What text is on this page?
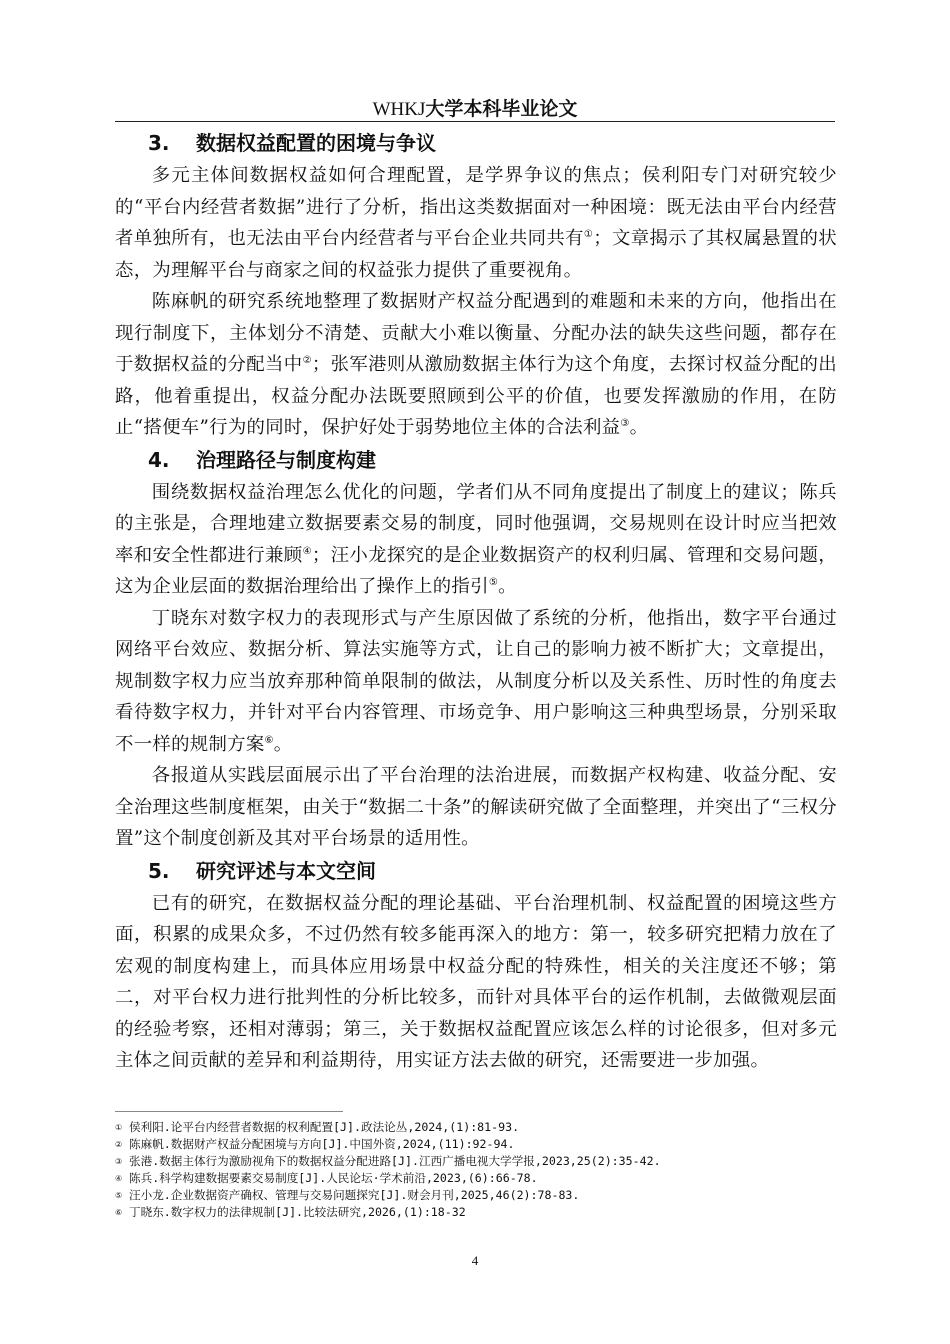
WHKJ大学本科毕业论文
3. 数据权益配置的困境与争议

多元主体间数据权益如何合理配置，是学界争议的焦点；侯利阳专门对研究较少的“平台内经营者数据”进行了分析，指出这类数据面对一种困境：既无法由平台内经营者单独所有，也无法由平台内经营者与平台企业共同共有①；文章揭示了其权属悬置的状态，为理解平台与商家之间的权益张力提供了重要视角。

陈麻帆的研究系统地整理了数据财产权益分配遇到的难题和未来的方向，他指出在现行制度下，主体划分不清楚、贡献大小难以衡量、分配办法的缺失这些问题，都存在于数据权益的分配当中②；张军港则从激励数据主体行为这个角度，去探讨权益分配的出路，他着重提出，权益分配办法既要照顾到公平的价值，也要发挥激励的作用，在防止“搭便车”行为的同时，保护好处于弱势地位主体的合法利益③。

4. 治理路径与制度构建

围绕数据权益治理怎么优化的问题，学者们从不同角度提出了制度上的建议；陈兵的主张是，合理地建立数据要素交易的制度，同时他强调，交易规则在设计时应当把效率和安全性都进行兼顾④；汪小龙探究的是企业数据资产的权利归属、管理和交易问题，这为企业层面的数据治理给出了操作上的指引⑤。

丁晓东对数字权力的表现形式与产生原因做了系统的分析，他指出，数字平台通过网络平台效应、数据分析、算法实施等方式，让自己的影响力被不断扩大；文章提出，规制数字权力应当放弃那种简单限制的做法，从制度分析以及关系性、历时性的角度去看待数字权力，并针对平台内容管理、市场竞争、用户影响这三种典型场景，分别采取不一样的规制方案⑥。

各报道从实践层面展示出了平台治理的法治进展，而数据产权构建、收益分配、安全治理这些制度框架，由关于“数据二十条”的解读研究做了全面整理，并突出了“三权分置”这个制度创新及其对平台场景的适用性。

5. 研究评述与本文空间

已有的研究，在数据权益分配的理论基础、平台治理机制、权益配置的困境这些方面，积累的成果众多，不过仍然有较多能再深入的地方：第一，较多研究把精力放在了宏观的制度构建上，而具体应用场景中权益分配的特殊性，相关的关注度还不够；第二，对平台权力进行批判性的分析比较多，而针对具体平台的运作机制，去做微观层面的经验考察，还相对薄弱；第三，关于数据权益配置应该怎么样的讨论很多，但对多元主体之间贡献的差异和利益期待，用实证方法去做的研究，还需要进一步加强。

① 侯利阳.论平台内经营者数据的权利配置[J].政法论丛,2024,(1):81-93.
② 陈麻帆.数据财产权益分配困境与方向[J].中国外资,2024,(11):92-94.
③ 张港.数据主体行为激励视角下的数据权益分配进路[J].江西广播电视大学学报,2023,25(2):35-42.
④ 陈兵.科学构建数据要素交易制度[J].人民论坛·学术前沿,2023,(6):66-78.
⑤ 汪小龙.企业数据资产确权、管理与交易问题探究[J].财会月刊,2025,46(2):78-83.
⑥ 丁晓东.数字权力的法律规制[J].比较法研究,2026,(1):18-32
4
